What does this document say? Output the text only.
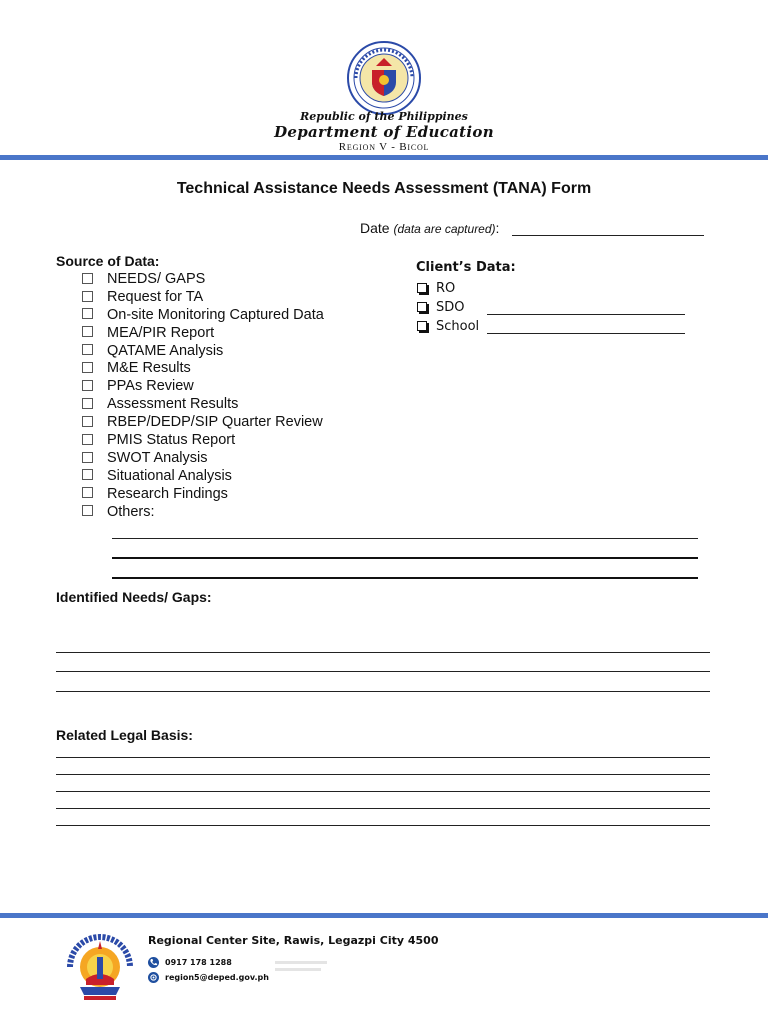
Republic of the Philippines
Department of Education
Region V - Bicol
Technical Assistance Needs Assessment (TANA) Form
Date (data are captured):
Source of Data:
NEEDS/ GAPS
Request for TA
On-site Monitoring Captured Data
MEA/PIR Report
QATAME Analysis
M&E Results
PPAs Review
Assessment Results
RBEP/DEDP/SIP Quarter Review
PMIS Status Report
SWOT Analysis
Situational Analysis
Research Findings
Others:
Client’s Data:
RO
SDO
School
Identified Needs/ Gaps:
Related Legal Basis:
Regional Center Site, Rawis, Legazpi City 4500
0917 178 1288
region5@deped.gov.ph
